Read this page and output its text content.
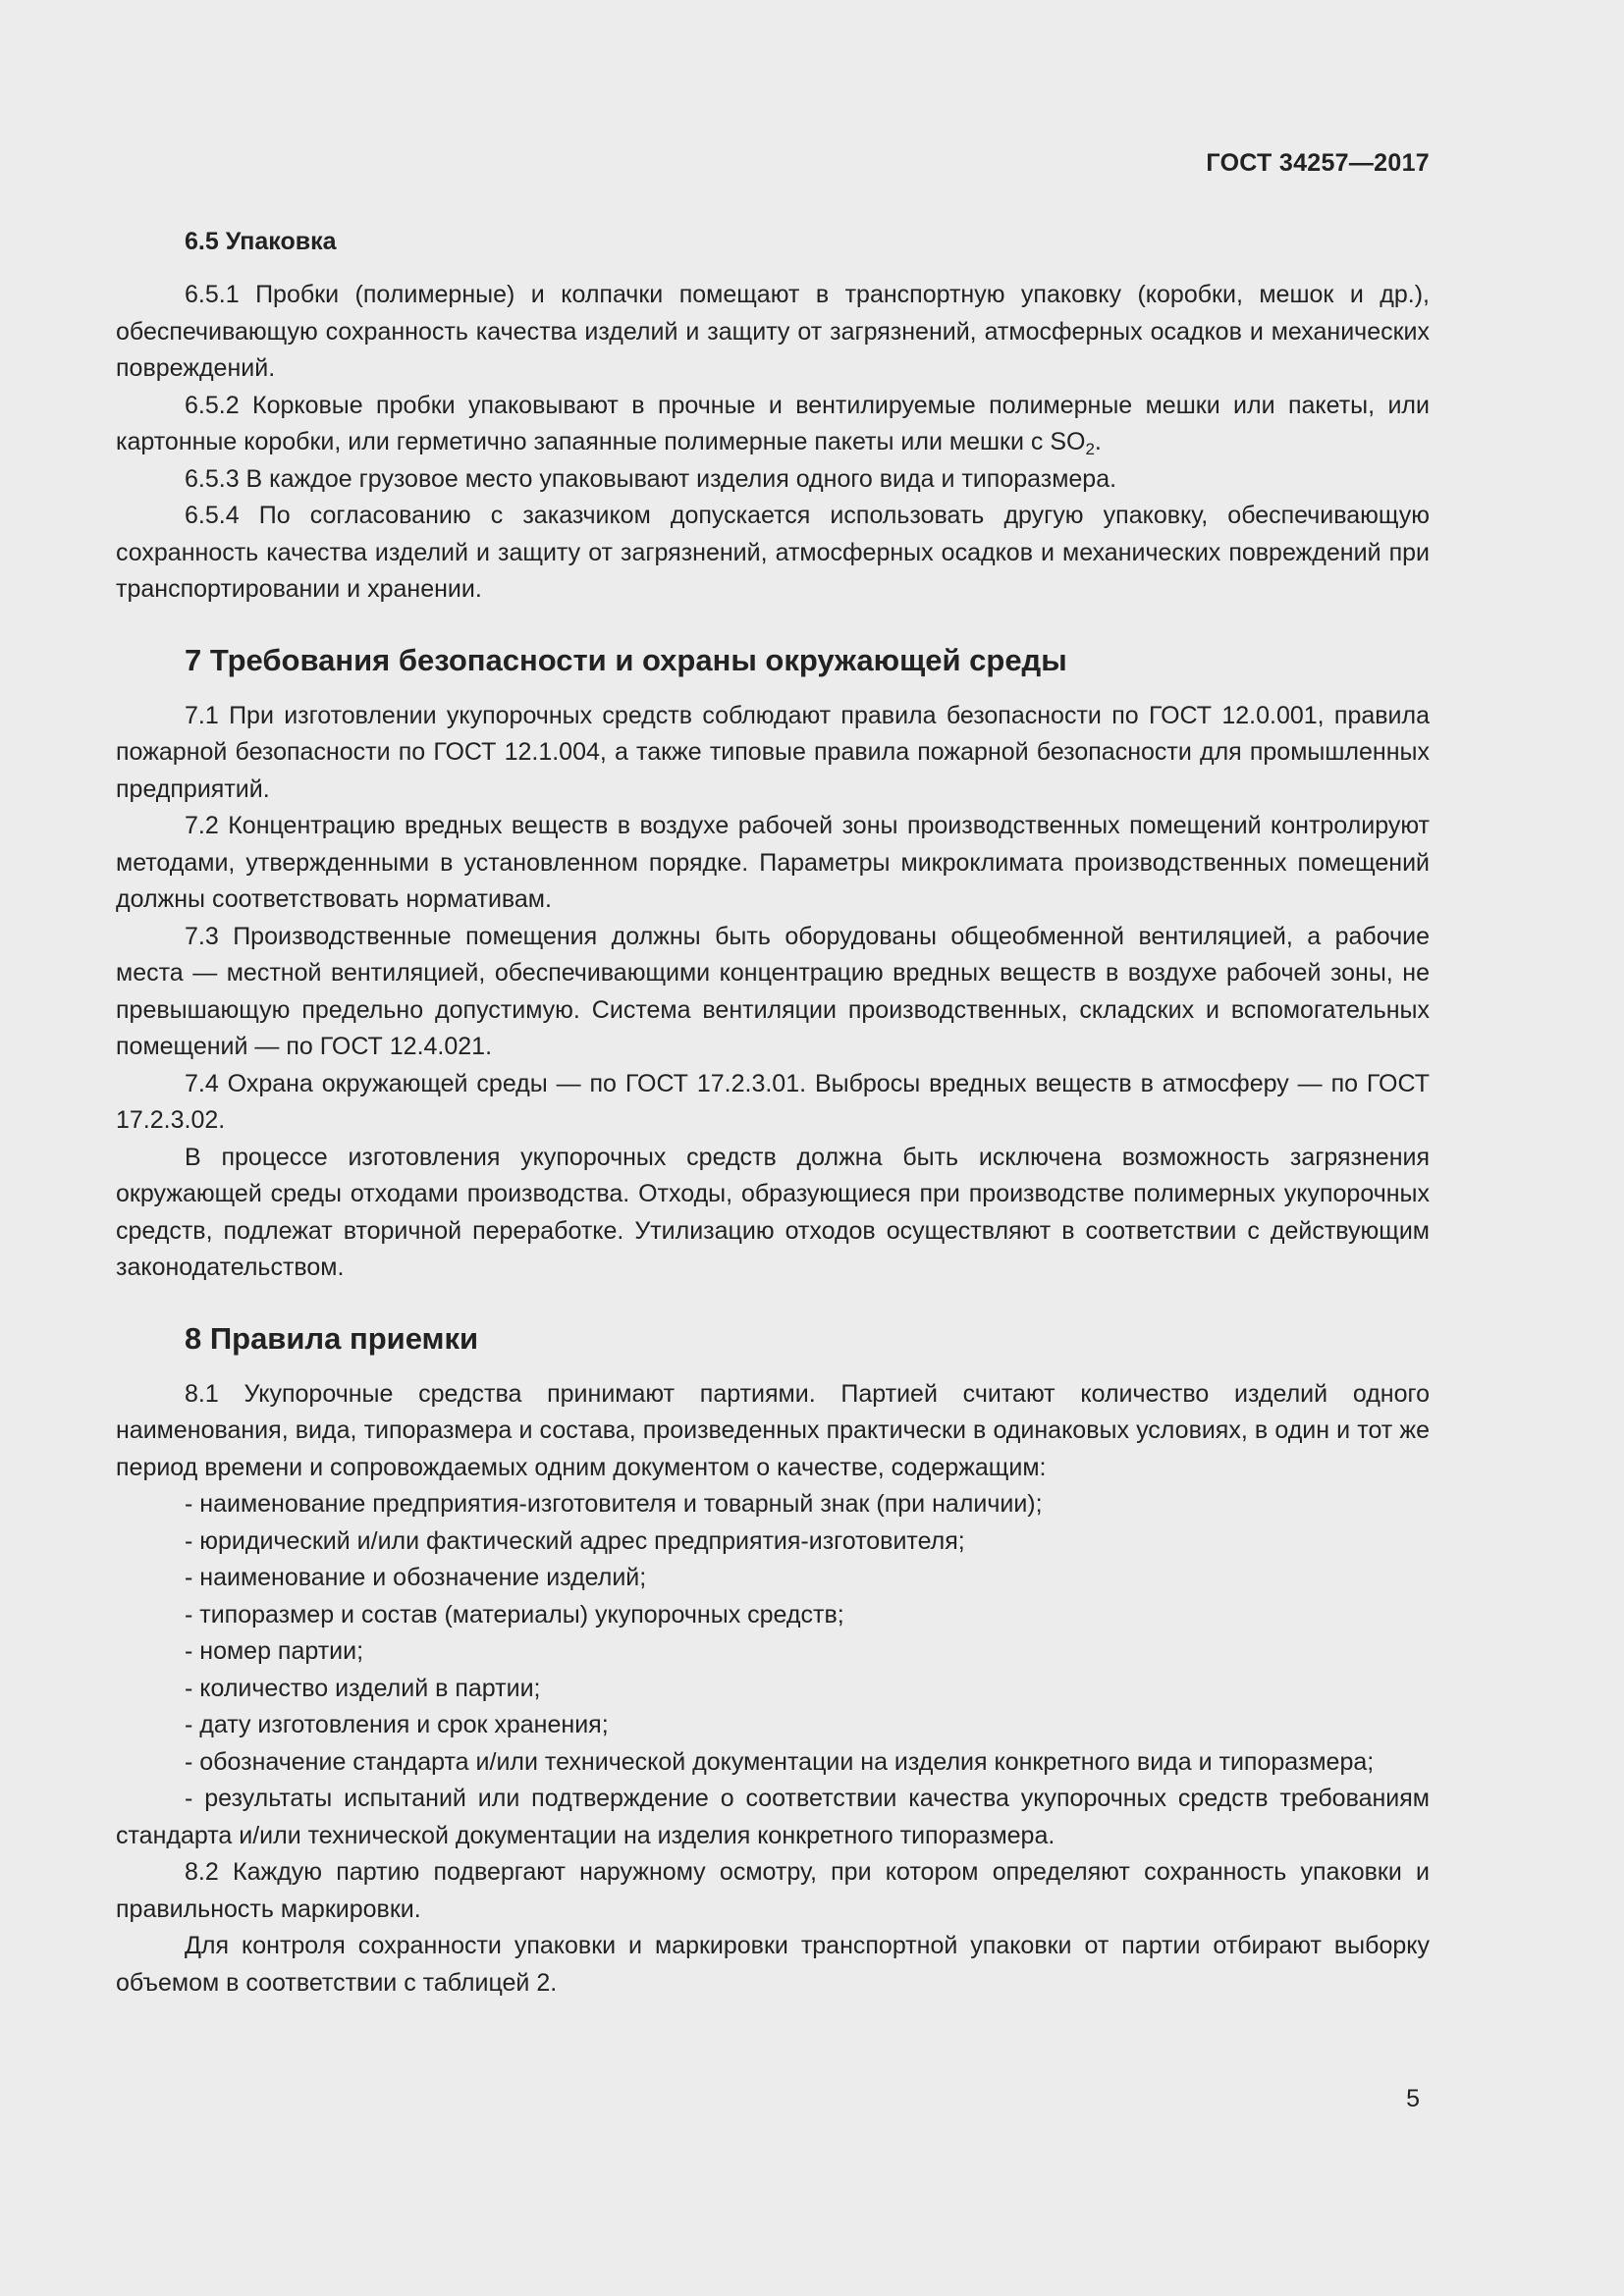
ГОСТ 34257—2017
6.5 Упаковка

6.5.1 Пробки (полимерные) и колпачки помещают в транспортную упаковку (коробки, мешок и др.), обеспечивающую сохранность качества изделий и защиту от загрязнений, атмосферных осадков и механических повреждений.

6.5.2 Корковые пробки упаковывают в прочные и вентилируемые полимерные мешки или пакеты, или картонные коробки, или герметично запаянные полимерные пакеты или мешки с $SO_2$.

6.5.3 В каждое грузовое место упаковывают изделия одного вида и типоразмера.

6.5.4 По согласованию с заказчиком допускается использовать другую упаковку, обеспечивающую сохранность качества изделий и защиту от загрязнений, атмосферных осадков и механических повреждений при транспортировании и хранении.

7 Требования безопасности и охраны окружающей среды

7.1 При изготовлении укупорочных средств соблюдают правила безопасности по ГОСТ 12.0.001, правила пожарной безопасности по ГОСТ 12.1.004, а также типовые правила пожарной безопасности для промышленных предприятий.

7.2 Концентрацию вредных веществ в воздухе рабочей зоны производственных помещений контролируют методами, утвержденными в установленном порядке. Параметры микроклимата производственных помещений должны соответствовать нормативам.

7.3 Производственные помещения должны быть оборудованы общеобменной вентиляцией, а рабочие места — местной вентиляцией, обеспечивающими концентрацию вредных веществ в воздухе рабочей зоны, не превышающую предельно допустимую. Система вентиляции производственных, складских и вспомогательных помещений — по ГОСТ 12.4.021.

7.4 Охрана окружающей среды — по ГОСТ 17.2.3.01. Выбросы вредных веществ в атмосферу — по ГОСТ 17.2.3.02.

В процессе изготовления укупорочных средств должна быть исключена возможность загрязнения окружающей среды отходами производства. Отходы, образующиеся при производстве полимерных укупорочных средств, подлежат вторичной переработке. Утилизацию отходов осуществляют в соответствии с действующим законодательством.

8 Правила приемки

8.1 Укупорочные средства принимают партиями. Партией считают количество изделий одного наименования, вида, типоразмера и состава, произведенных практически в одинаковых условиях, в один и тот же период времени и сопровождаемых одним документом о качестве, содержащим:

- наименование предприятия-изготовителя и товарный знак (при наличии);
- юридический и/или фактический адрес предприятия-изготовителя;
- наименование и обозначение изделий;
- типоразмер и состав (материалы) укупорочных средств;
- номер партии;
- количество изделий в партии;
- дату изготовления и срок хранения;
- обозначение стандарта и/или технической документации на изделия конкретного вида и типоразмера;
- результаты испытаний или подтверждение о соответствии качества укупорочных средств требованиям стандарта и/или технической документации на изделия конкретного типоразмера.

8.2 Каждую партию подвергают наружному осмотру, при котором определяют сохранность упаковки и правильность маркировки.

Для контроля сохранности упаковки и маркировки транспортной упаковки от партии отбирают выборку объемом в соответствии с таблицей 2.

5
